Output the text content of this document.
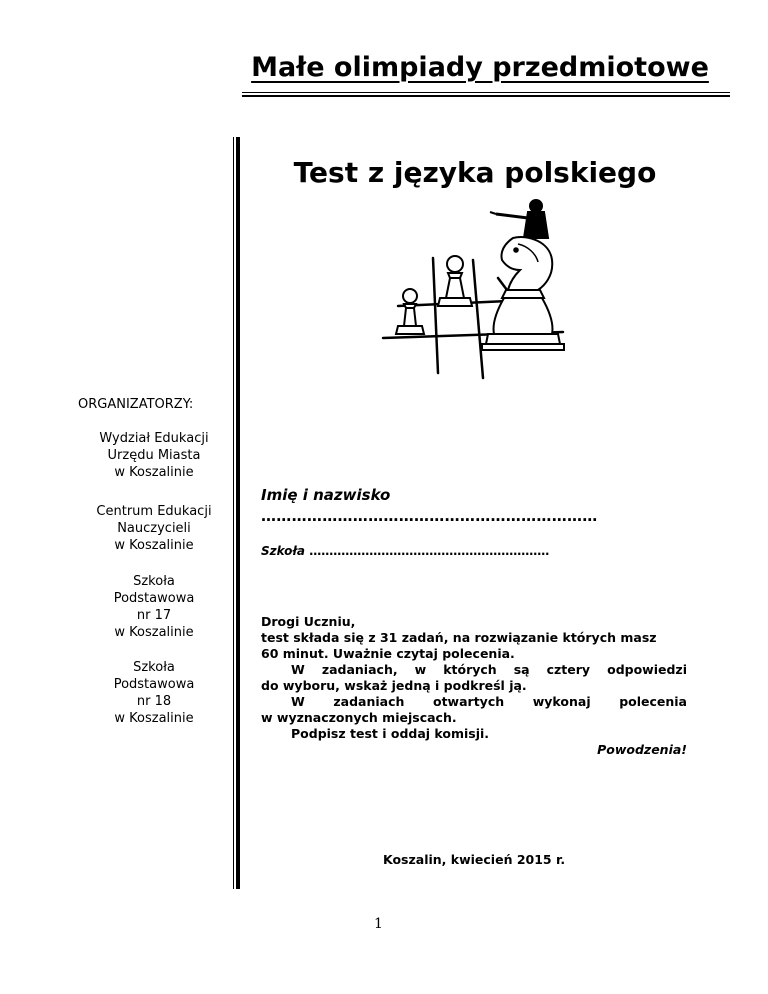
Małe olimpiady przedmiotowe
Test z języka polskiego
ORGANIZATORZY:
Wydział Edukacji
Urzędu Miasta
w Koszalinie
Centrum Edukacji
Nauczycieli
w Koszalinie
Szkoła
Podstawowa
nr 17
w Koszalinie
Szkoła
Podstawowa
nr 18
w Koszalinie
Imię i nazwisko
…………………………………………………………
Szkoła ……………………………………………………
Drogi Uczniu,
test składa się z 31 zadań, na rozwiązanie których masz
60 minut. Uważnie czytaj polecenia.
W zadaniach, w których są cztery odpowiedzi
do wyboru, wskaż jedną i podkreśl ją.
W zadaniach otwartych wykonaj polecenia
w wyznaczonych miejscach.
Podpisz test i oddaj komisji.
Powodzenia!
Koszalin, kwiecień 2015 r.
1
